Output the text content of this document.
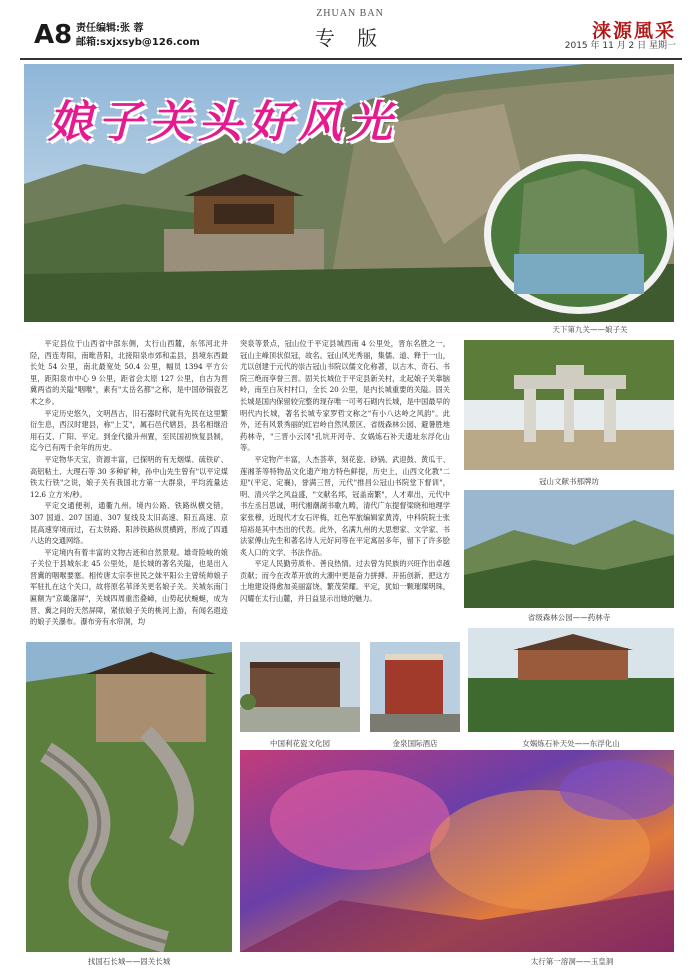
A8 责任编辑:张 蓉
邮箱:sxjxsyb@126.com
ZHUAN BAN
专 版	涞源風采
2015 年 11 月 2 日 星期一
娘子关头好风光
天下第九关——娘子关

平定县位于山西省中部东侧，太行山西麓，东邻河北井陉，西连寿阳，南毗昔阳，北接阳泉市郊和盂县，县境东西最长处 54 公里，南北最宽处 50.4 公里，幅员 1394 平方公里，距阳泉市中心 9 公里，距省会太原 127 公里，自古为晋冀两省的关隘"咽喉"，素有"太岳名都"之称，是中国砂锅瓷艺术之乡。

平定历史悠久，文明昌古，旧石器时代就有先民在这里繁衍生息，西汉时建县，称"上艾"，属石邑代辖县，县名相继沿用石艾、广阳、平定。到金代撤升州置，至民国初恢复县制，迄今已有两千余年的历史。

平定物华天宝，资源丰富，已探明的有无烟煤、硫铁矿、高铝粘土、大理石等 30 多种矿种，孙中山先生曾有"以平定煤铁太行铁"之说，娘子关有我国北方第一大群泉，平均流量达 12.6 立方米/秒。

平定交通便利，通衢九州。境内公路、铁路纵横交错，307 国道、207 国道、307 复线及太旧高速、阳五高速、京昆高速穿境而过，石太铁路、阳涉铁路纵贯横跨，形成了四通八达的交通网络。

平定境内有着丰富的文物古迹和自然景观。雄奇险峻的娘子关位于县城东北 45 公里处，是长城的著名关隘，也是出入晋冀的咽喉要塞。相传唐太宗李世民之妹平阳公主曾统帅娘子军驻扎在这个关口，故将原名苇泽关更名娘子关。关城东南门匾额为"京畿藩屏"，关城四周重峦叠嶂，山势起伏蜿蜒，成为晋、冀之间的天然屏障，紧依娘子关的桃河上游，有闻名遐迩的娘子关瀑布。瀑布旁有水帘洞，均

突泉等景点，冠山位于平定县城西南 4 公里处，晋东名胜之一，冠山主峰顶状似冠，故名。冠山风光秀丽，集儒、道、释于一山，尤以创建于元代的崇古冠山书院以儒文化称著，以古木、奇石、书院三绝而享誉三晋。固关长城位于平定县新关村，北起娘子关靠脑岭，南至白灰村村口，全长 20 公里，是内长城重要的关隘。固关长城是国内保留较完整的现存唯一可考石砌内长城，是中国最早的明代内长城，著名长城专家罗哲文称之"有小八达岭之风韵"。此外，还有风景秀丽的红岩岭自然风景区、省级森林公园、避暑胜地药林寺，"三晋小云冈"孔坑开河寺、女娲炼石补天遗址东浮化山等。

平定物产丰富，人杰荟萃，刻花瓷、砂锅、武迎鼓、黄瓜干、莲湘茶等特物品文化遗产地方特色鲜提，历史上，山西文化教"二迎"(平定、定襄)，誉满三晋，元代"推昌公冠山书院堂下督训"，明、清兴学之风益盛，"文献名邦，冠盖南繁"，人才辈出，元代中书左丞吕思诚，明代湘潮湖书歌九畴，清代广东提督梁晓和地理学家张穆，近现代才女石评梅，红色军旅编辑家黄涛，中科院院士张培裕是其中杰出的代表。此外，名满九州的大思想家、文学家、书法家傅山先生和著名诗人元好问等在平定寓居多年，留下了许多脍炙人口的文学、书法作品。

平定人民勤劳质朴、善良热情。过去曾为民族的兴旺作出卓越贡献；而今在改革开放的大潮中更是奋力拼搏、开拓创新，把这方土地建设得愈加美丽富饶、繁茂荣耀。平定，犹如一颗璀璨明珠，闪耀在太行山麓，并日益显示出她的魅力。

冠山文献书那牌坊
省级森林公园——药林寺
找国石长城——固关长城
中国利花瓷文化园	金泉国际酒店	女娲炼石补天处——东浮化山
太行第一溶洞——玉皇洞
